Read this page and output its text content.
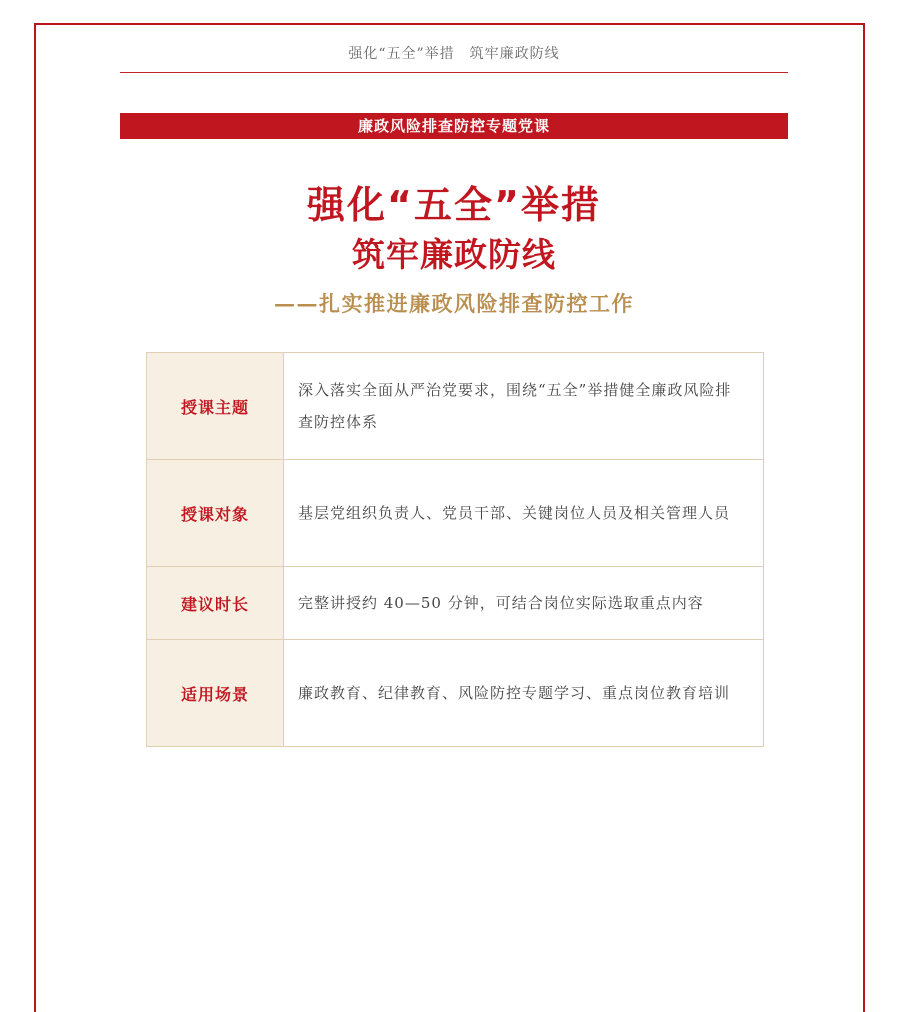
强化“五全”举措　筑牢廉政防线
廉政风险排查防控专题党课
强化“五全”举措
筑牢廉政防线
——扎实推进廉政风险排查防控工作
授课主题	深入落实全面从严治党要求，围绕“五全”举措健全廉政风险排查防控体系
授课对象	基层党组织负责人、党员干部、关键岗位人员及相关管理人员
建议时长	完整讲授约 40—50 分钟，可结合岗位实际选取重点内容
适用场景	廉政教育、纪律教育、风险防控专题学习、重点岗位教育培训
